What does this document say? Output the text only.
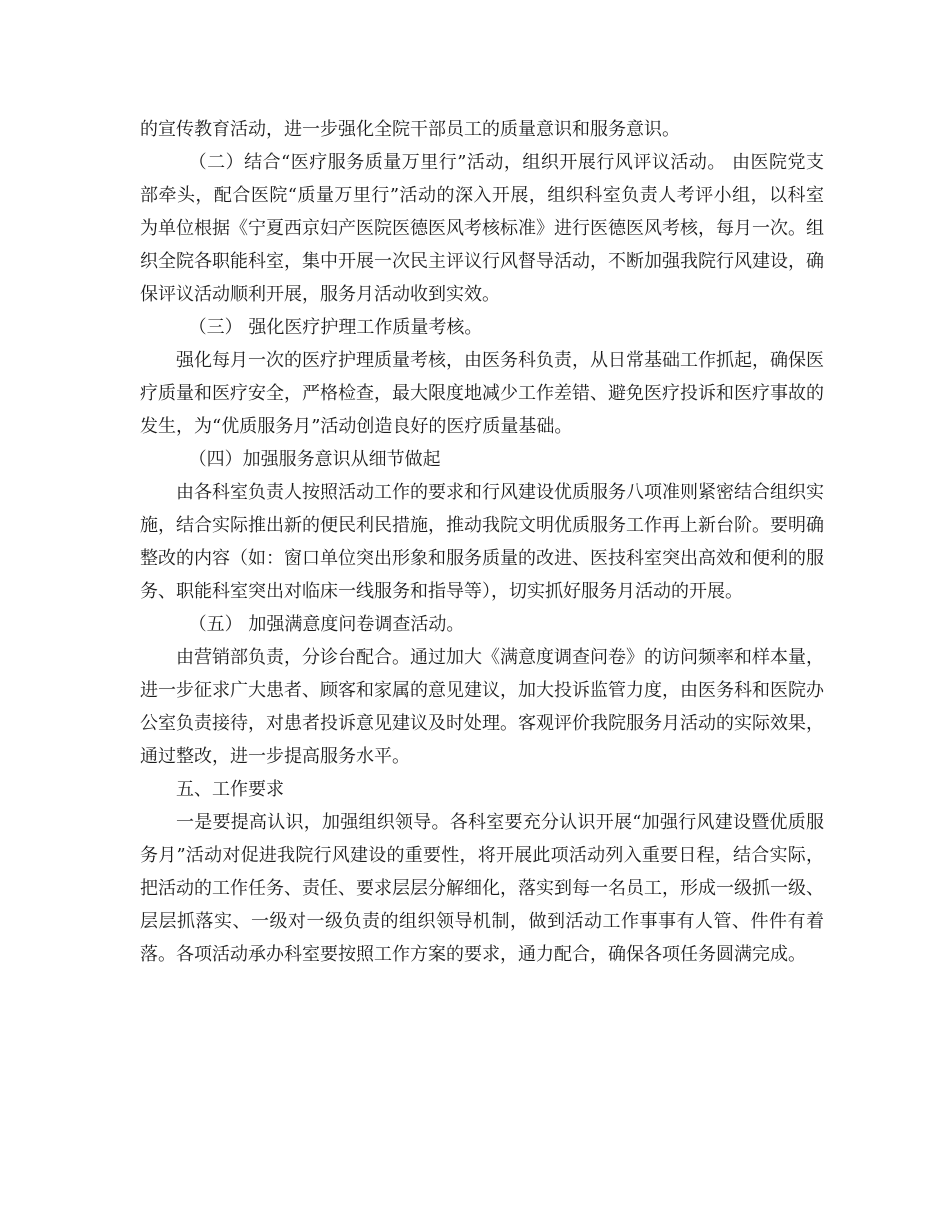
的宣传教育活动，进一步强化全院干部员工的质量意识和服务意识。

（二）结合“医疗服务质量万里行”活动，组织开展行风评议活动。 由医院党支部牵头，配合医院“质量万里行”活动的深入开展，组织科室负责人考评小组，以科室为单位根据《宁夏西京妇产医院医德医风考核标准》进行医德医风考核，每月一次。组织全院各职能科室，集中开展一次民主评议行风督导活动，不断加强我院行风建设，确保评议活动顺利开展，服务月活动收到实效。

（三） 强化医疗护理工作质量考核。

强化每月一次的医疗护理质量考核，由医务科负责，从日常基础工作抓起，确保医疗质量和医疗安全，严格检查，最大限度地减少工作差错、避免医疗投诉和医疗事故的发生，为“优质服务月”活动创造良好的医疗质量基础。

（四）加强服务意识从细节做起

由各科室负责人按照活动工作的要求和行风建设优质服务八项准则紧密结合组织实施，结合实际推出新的便民利民措施，推动我院文明优质服务工作再上新台阶。要明确整改的内容（如：窗口单位突出形象和服务质量的改进、医技科室突出高效和便利的服务、职能科室突出对临床一线服务和指导等），切实抓好服务月活动的开展。

（五） 加强满意度问卷调查活动。

由营销部负责，分诊台配合。通过加大《满意度调查问卷》的访问频率和样本量，进一步征求广大患者、顾客和家属的意见建议，加大投诉监管力度，由医务科和医院办公室负责接待，对患者投诉意见建议及时处理。客观评价我院服务月活动的实际效果，通过整改，进一步提高服务水平。

五、工作要求

一是要提高认识，加强组织领导。各科室要充分认识开展“加强行风建设暨优质服务月”活动对促进我院行风建设的重要性，将开展此项活动列入重要日程，结合实际，把活动的工作任务、责任、要求层层分解细化，落实到每一名员工，形成一级抓一级、层层抓落实、一级对一级负责的组织领导机制，做到活动工作事事有人管、件件有着落。各项活动承办科室要按照工作方案的要求，通力配合，确保各项任务圆满完成。
